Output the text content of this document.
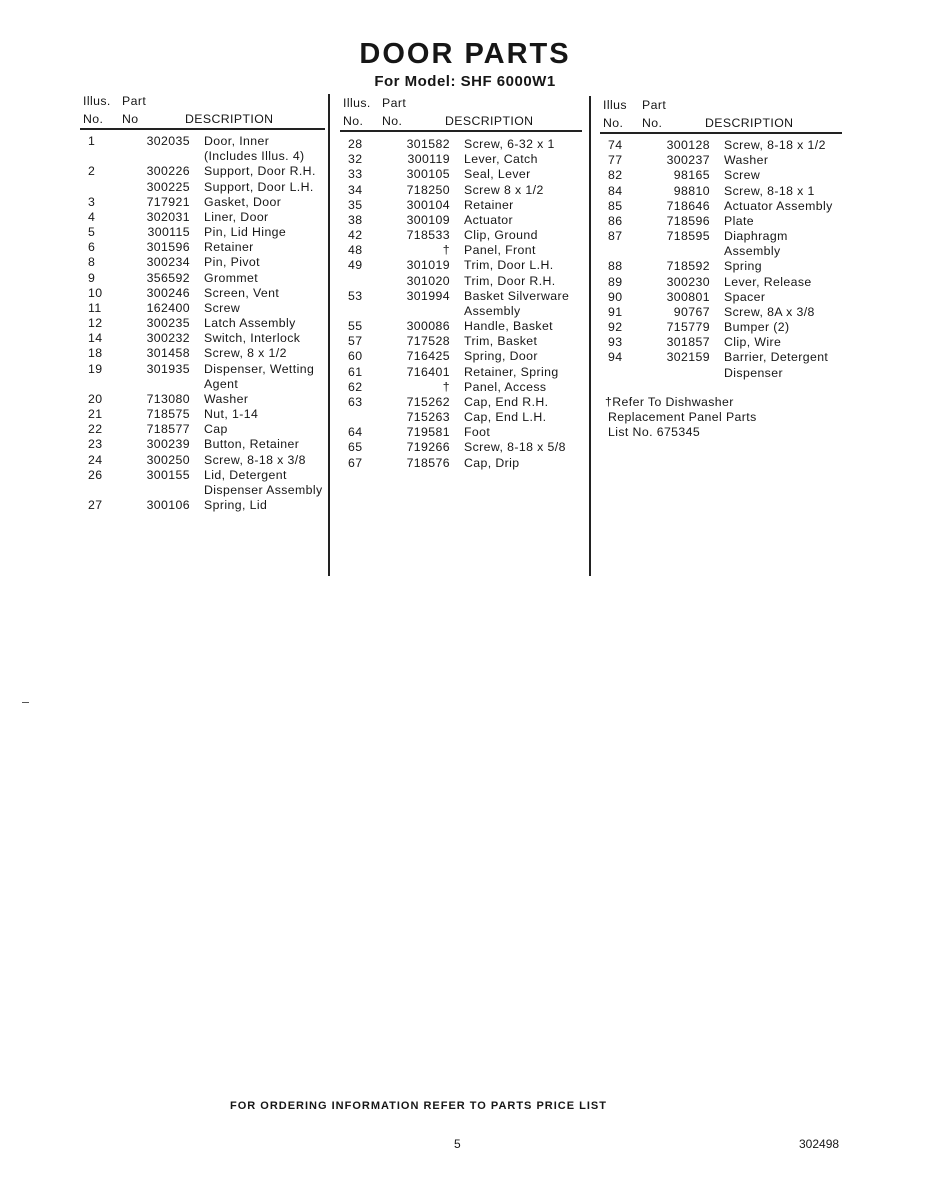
DOOR PARTS
For Model: SHF 6000W1
Illus. Part
No. No	DESCRIPTION
1	302035 Door, Inner
(Includes Illus. 4)
2	300226 Support, Door R.H.
300225 Support, Door L.H.
3	717921 Gasket, Door
4	302031 Liner, Door
5	300115 Pin, Lid Hinge
6	301596 Retainer
8	300234 Pin, Pivot
9	356592 Grommet
10	300246 Screen, Vent
11	162400 Screw
12	300235 Latch Assembly
14	300232 Switch, Interlock
18	301458 Screw, 8 x 1/2
19	301935 Dispenser, Wetting
Agent
20	713080 Washer
21	718575 Nut, 1-14
22	718577 Cap
23	300239 Button, Retainer
24	300250 Screw, 8-18 x 3/8
26	300155 Lid, Detergent
Dispenser Assembly
27	300106 Spring, Lid
Illus. Part
No. No.	DESCRIPTION
28	301582 Screw, 6-32 x 1
32	300119 Lever, Catch
33	300105 Seal, Lever
34	718250 Screw 8 x 1/2
35	300104 Retainer
38	300109 Actuator
42	718533 Clip, Ground
48	† Panel, Front
49	301019 Trim, Door L.H.
301020 Trim, Door R.H.
53	301994 Basket Silverware
Assembly
55	300086 Handle, Basket
57	717528 Trim, Basket
60	716425 Spring, Door
61	716401 Retainer, Spring
62	† Panel, Access
63	715262 Cap, End R.H.
715263 Cap, End L.H.
64	719581 Foot
65	719266 Screw, 8-18 x 5/8
67	718576 Cap, Drip
Illus Part
No. No.	DESCRIPTION
74	300128 Screw, 8-18 x 1/2
77	300237 Washer
82	98165 Screw
84	98810 Screw, 8-18 x 1
85	718646 Actuator Assembly
86	718596 Plate
87	718595 Diaphragm
Assembly
88	718592 Spring
89	300230 Lever, Release
90	300801 Spacer
91	90767 Screw, 8A x 3/8
92	715779 Bumper (2)
93	301857 Clip, Wire
94	302159 Barrier, Detergent
Dispenser
†Refer To Dishwasher
Replacement Panel Parts
List No. 675345
FOR ORDERING INFORMATION REFER TO PARTS PRICE LIST
5	302498
